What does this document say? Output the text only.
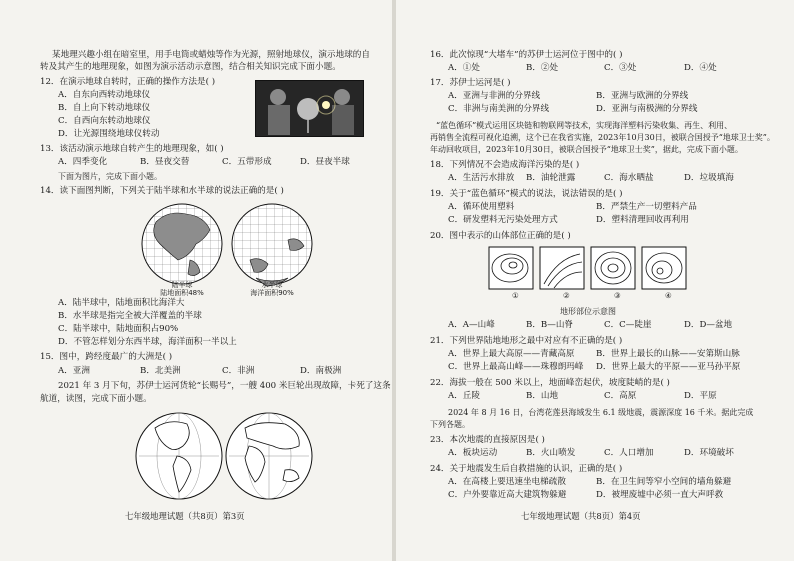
某地理兴趣小组在暗室里，用手电筒或蜡烛等作为光源，照射地球仪，演示地球的自
转及其产生的地理现象，如图为演示活动示意图，结合相关知识完成下面小题。
12．在演示地球自转时，正确的操作方法是( )
A．自东向西转动地球仪
B．自上向下转动地球仪
C．自西向东转动地球仪
D．让光源围绕地球仪转动
13．该活动演示地球自转产生的地理现象，如( )
A．四季变化	B．昼夜交替	C．五带形成	D．昼夜半球
下面为图片，完成下面小题。
14．读下面图判断，下列关于陆半球和水半球的说法正确的是( )
陆半球
陆地面积48%
水半球
海洋面积90%
A．陆半球中，陆地面积比海洋大
B．水半球是指完全被大洋覆盖的半球
C．陆半球中，陆地面积占90%
D．不管怎样划分东西半球，海洋面积一半以上
15．图中，跨经度最广的大洲是( )
A．亚洲	B．北美洲	C．非洲	D．南极洲
2021 年 3 月下旬，苏伊士运河货轮“长赐号”，一艘 400 米巨轮出现故障，卡死了这条
航道，读图，完成下面小题。
七年级地理试题（共8页）第3页
16．此次惊现“大堵车”的苏伊士运河位于图中的( )
A．①处	B．②处	C．③处	D．④处
17．苏伊士运河是( )
A．亚洲与非洲的分界线	B．亚洲与欧洲的分界线
C．非洲与南美洲的分界线	D．亚洲与南极洲的分界线
“蓝色循环”模式运用区块链和物联网等技术，实现海洋塑料污染收集、再生、利用、
再销售全流程可视化追溯，这个已在我省实施，2023年10月30日，被联合国授予“地球卫士奖”。
年动回收项目，2023年10月30日，被联合国授予“地球卫士奖”，据此，完成下面小题。
18．下列情况不会造成海洋污染的是( )
A．生活污水排放 B．油轮泄露	C．海水晒盐	D．垃圾填海
19．关于“蓝色循环”模式的说法，说法错误的是( )
A．循环使用塑料	B．严禁生产一切塑料产品
C．研发塑料无污染处理方式	D．塑料清理回收再利用
20．图中表示的山体部位正确的是( )
①	②	③	④
地形部位示意图
A．A—山峰	B．B—山脊	C．C—陡崖	D．D—盆地
21．下列世界陆地地形之最中对应有不正确的是( )
A．世界上最大高原——青藏高原 B．世界上最长的山脉——安第斯山脉
C．世界上最高山峰——珠穆朗玛峰 D．世界上最大的平原——亚马孙平原
22．海拔一般在 500 米以上，地面峰峦起伏，坡度陡峭的是( )
A．丘陵	B．山地	C．高原	D．平原
2024 年 8 月 16 日，台湾花莲县海域发生 6.1 级地震，震源深度 16 千米。据此完成
下列各题。
23．本次地震的直接原因是( )
A．板块运动	B．火山喷发	C．人口增加	D．环境破坏
24．关于地震发生后自救措施的认识，正确的是( )
A．在高楼上要迅速坐电梯疏散	B．在卫生间等窄小空间的墙角躲避
C．户外要靠近高大建筑物躲避	D．被埋废墟中必须一直大声呼救
七年级地理试题（共8页）第4页
